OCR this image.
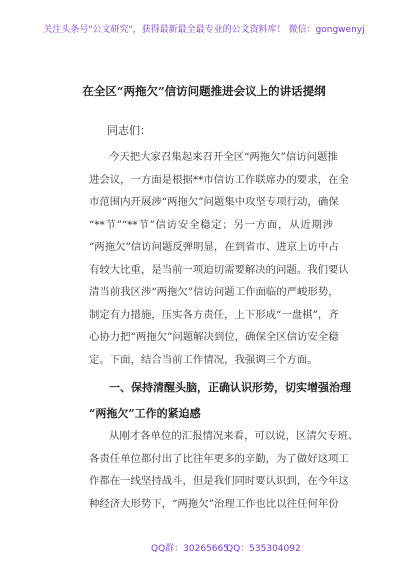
关注头条号"公文研究"，获得最新最全最专业的公文资料库！ 微信：gongwenyj
在全区“两拖欠”信访问题推进会议上的讲话提纲
同志们：
今天把大家召集起来召开全区“两拖欠”信访问题推
进会议，一方面是根据**市信访工作联席办的要求，在全
市范围内开展涉“两拖欠”问题集中攻坚专项行动，确保
“**节”“**节”信访安全稳定；另一方面，从近期涉
“两拖欠”信访问题反弹明显，在到省市、进京上访中占
有较大比重，是当前一项迫切需要解决的问题。我们要认
清当前我区涉“两拖欠”信访问题工作面临的严峻形势，
制定有力措施，压实各方责任，上下形成“一盘棋”，齐
心协力把“两拖欠”问题解决到位，确保全区信访安全稳
定。下面，结合当前工作情况，我强调三个方面。
一、保持清醒头脑，正确认识形势，切实增强治理
“两拖欠”工作的紧迫感
从刚才各单位的汇报情况来看，可以说，区清欠专班、
各责任单位都付出了比往年更多的辛勤，为了做好这项工
作都在一线坚持战斗，但是我们同时要认识到，在今年这
种经济大形势下，“两拖欠”治理工作也比以往任何年份
QQ群：30265665
QQ：535304092
